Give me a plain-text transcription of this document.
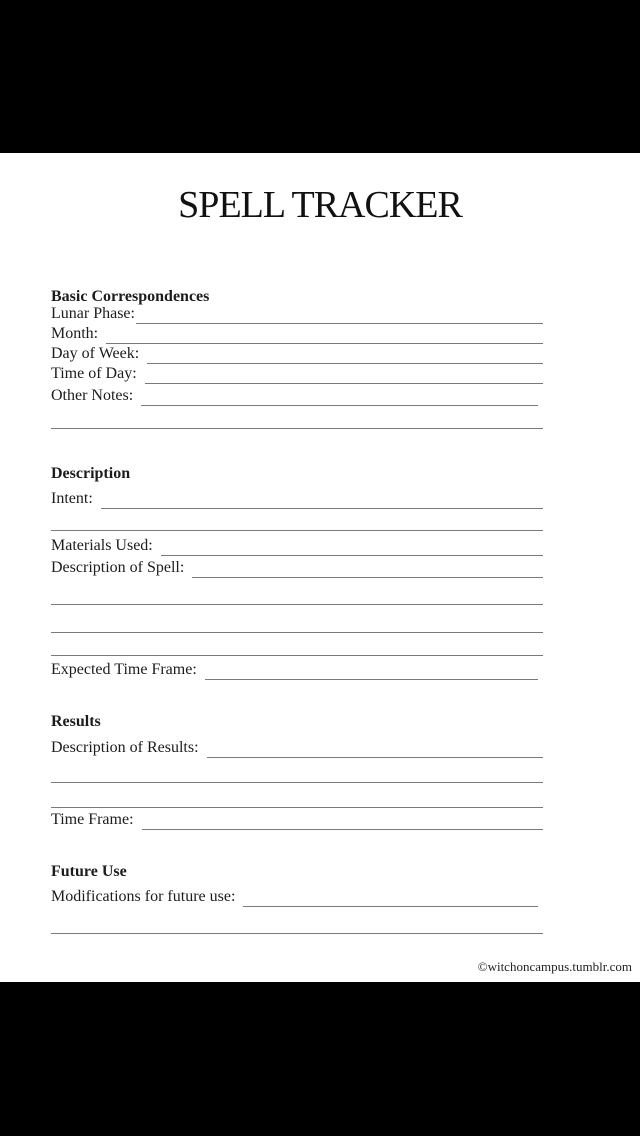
SPELL TRACKER
Basic Correspondences
Lunar Phase:
Month:
Day of Week:
Time of Day:
Other Notes:
Description
Intent:
Materials Used:
Description of Spell:
Expected Time Frame:
Results
Description of Results:
Time Frame:
Future Use
Modifications for future use:
©witchoncampus.tumblr.com
